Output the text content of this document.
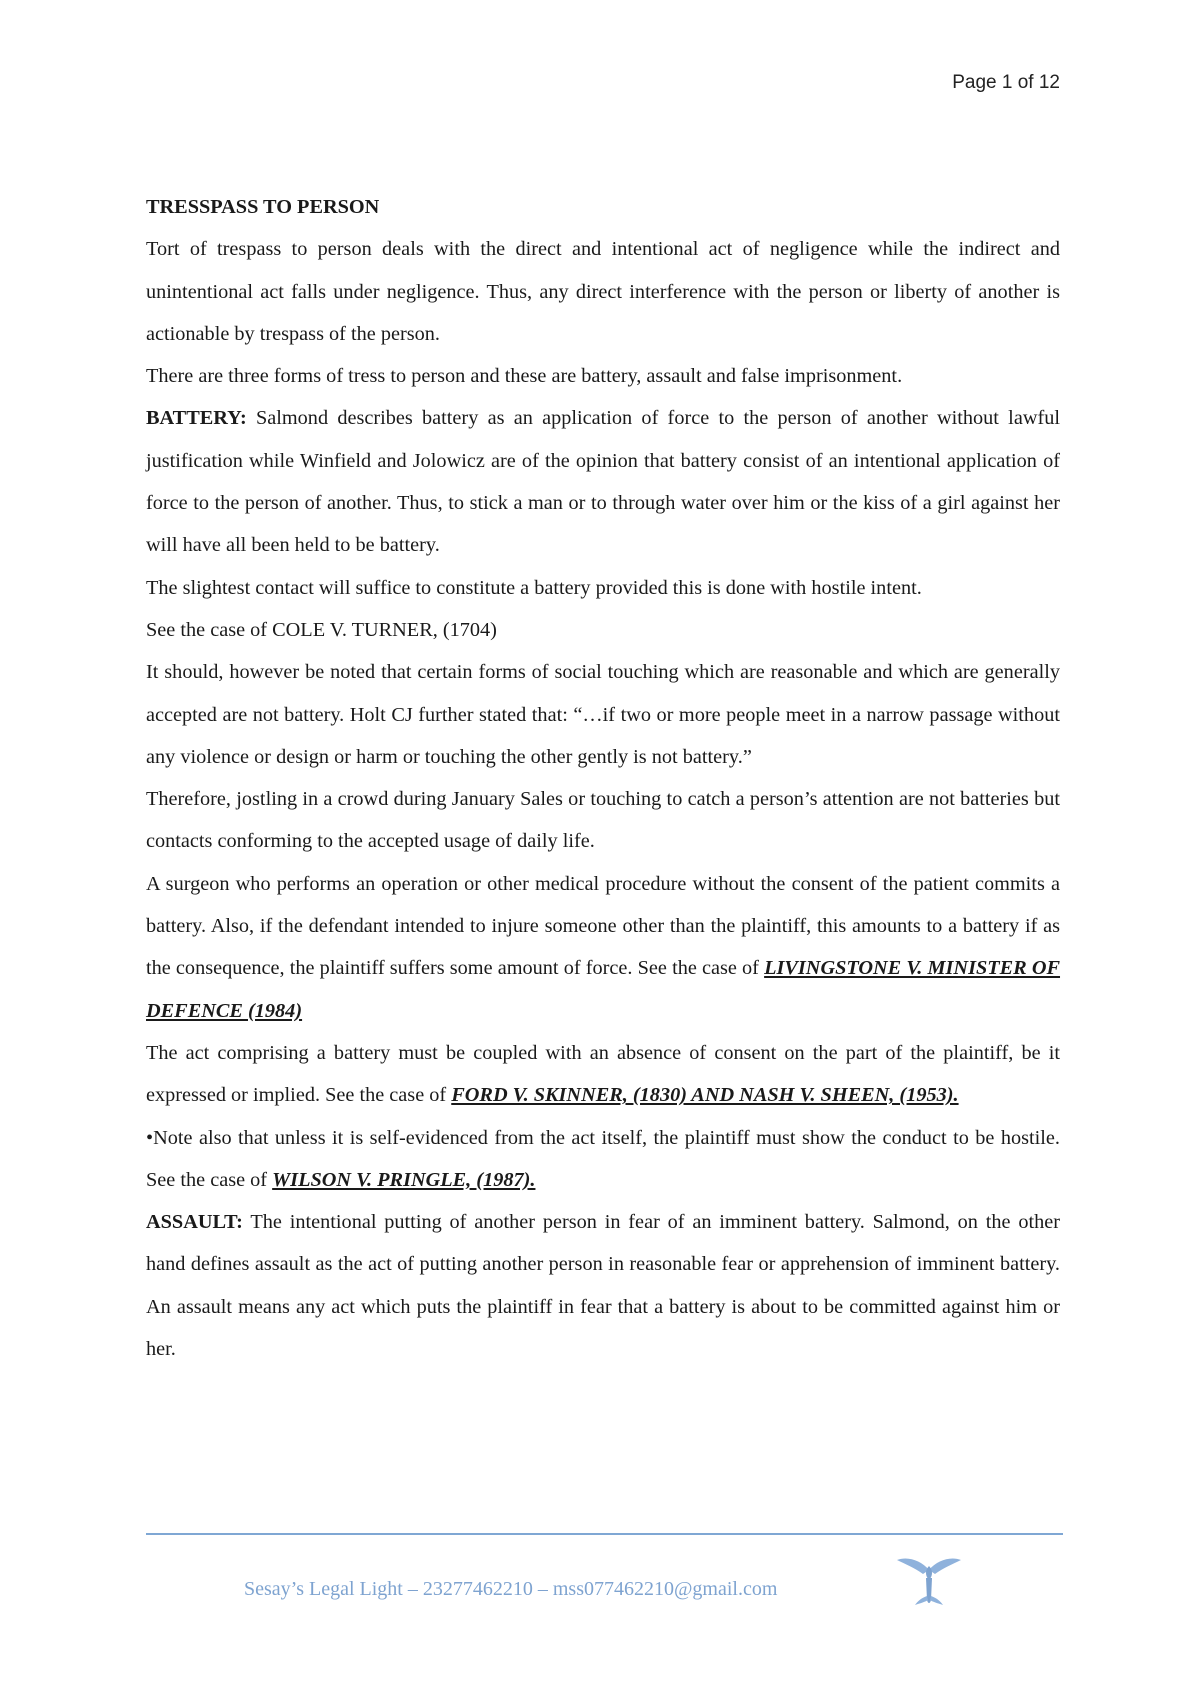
Page 1 of 12

TRESSPASS TO PERSON

Tort of trespass to person deals with the direct and intentional act of negligence while the indirect and unintentional act falls under negligence. Thus, any direct interference with the person or liberty of another is actionable by trespass of the person.

There are three forms of tress to person and these are battery, assault and false imprisonment.

BATTERY: Salmond describes battery as an application of force to the person of another without lawful justification while Winfield and Jolowicz are of the opinion that battery consist of an intentional application of force to the person of another. Thus, to stick a man or to through water over him or the kiss of a girl against her will have all been held to be battery.

The slightest contact will suffice to constitute a battery provided this is done with hostile intent.

See the case of COLE V. TURNER, (1704)

It should, however be noted that certain forms of social touching which are reasonable and which are generally accepted are not battery. Holt CJ further stated that: “…if two or more people meet in a narrow passage without any violence or design or harm or touching the other gently is not battery.”

Therefore, jostling in a crowd during January Sales or touching to catch a person’s attention are not batteries but contacts conforming to the accepted usage of daily life.

A surgeon who performs an operation or other medical procedure without the consent of the patient commits a battery. Also, if the defendant intended to injure someone other than the plaintiff, this amounts to a battery if as the consequence, the plaintiff suffers some amount of force. See the case of LIVINGSTONE V. MINISTER OF DEFENCE (1984)

The act comprising a battery must be coupled with an absence of consent on the part of the plaintiff, be it expressed or implied. See the case of FORD V. SKINNER, (1830) AND NASH V. SHEEN, (1953).

•Note also that unless it is self-evidenced from the act itself, the plaintiff must show the conduct to be hostile. See the case of WILSON V. PRINGLE, (1987).

ASSAULT: The intentional putting of another person in fear of an imminent battery. Salmond, on the other hand defines assault as the act of putting another person in reasonable fear or apprehension of imminent battery. An assault means any act which puts the plaintiff in fear that a battery is about to be committed against him or her.

Sesay’s Legal Light – 23277462210 – mss077462210@gmail.com
